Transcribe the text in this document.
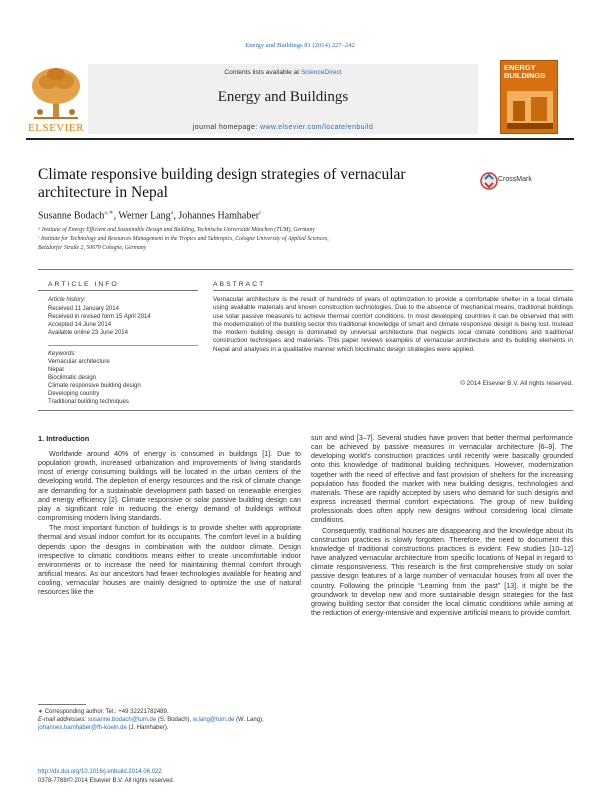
Energy and Buildings 81 (2014) 227–242
ELSEVIER
Contents lists available at ScienceDirect
Energy and Buildings
journal homepage: www.elsevier.com/locate/enbuild
ENERGY
BUILDINGS
Climate responsive building design strategies of vernacular architecture in Nepal
CrossMark
Susanne Bodach$^{a,∗}$, Werner Lang$^a$, Johannes Hamhaber$^c$
ᵃ Institute of Energy Efficient and Sustainable Design and Building, Technische Universität München (TUM), Germany
ᶜ Institute for Technology and Resources Management in the Tropics and Subtropics, Cologne University of Applied Sciences,
Betzdorfer Straße 2, 50679 Cologne, Germany
ARTICLE INFO
Article history:
Received 11 January 2014
Received in revised form 15 April 2014
Accepted 14 June 2014
Available online 23 June 2014
Keywords:
Vernacular architecture
Nepal
Bioclimatic design
Climate responsive building design
Developing country
Traditional building techniques
ABSTRACT
Vernacular architecture is the result of hundreds of years of optimization to provide a comfortable shelter in a local climate using available materials and known construction technologies. Due to the absence of mechanical means, traditional buildings use solar passive measures to achieve thermal comfort conditions. In most developing countries it can be observed that with the modernization of the building sector this traditional knowledge of smart and climate responsive design is being lost. Instead the modern building design is dominated by universal architecture that neglects local climate conditions and traditional construction techniques and materials. This paper reviews examples of vernacular architecture and its building elements in Nepal and analyses in a qualitative manner which bioclimatic design strategies were applied.
© 2014 Elsevier B.V. All rights reserved.
1. Introduction

Worldwide around 40% of energy is consumed in buildings [1]. Due to population growth, increased urbanization and improvements of living standards most of energy consuming buildings will be located in the urban centers of the developing world. The depletion of energy resources and the risk of climate change are demanding for a sustainable development path based on renewable energies and energy efficiency [2]. Climate responsive or solar passive building design can play a significant role in reducing the energy demand of buildings without compromising modern living standards.

The most important function of buildings is to provide shelter with appropriate thermal and visual indoor comfort for its occupants. The comfort level in a building depends upon the designs in combination with the outdoor climate. Design irrespective to climatic conditions means either to create uncomfortable indoor environments or to increase the need for maintaining thermal comfort through artificial means. As our ancestors had fewer technologies available for heating and cooling, vernacular houses are mainly designed to optimize the use of natural resources like the

sun and wind [3–7]. Several studies have proven that better thermal performance can be achieved by passive measures in vernacular architecture [6–9]. The developing world’s construction practices until recently were basically grounded onto this knowledge of traditional building techniques. However, modernization together with the need of effective and fast provision of shelters for the increasing population has flooded the market with new building designs, technologies and materials. These are rapidly accepted by users who demand for such designs and express increased thermal comfort expectations. The group of new building professionals does often apply new designs without considering local climate conditions.

Consequently, traditional houses are disappearing and the knowledge about its construction practices is slowly forgotten. Therefore, the need to document this knowledge of traditional constructions practices is evident. Few studies [10–12] have analyzed vernacular architecture from specific locations of Nepal in regard to climate responsiveness. This research is the first comprehensive study on solar passive design features of a large number of vernacular houses from all over the country. Following the principle “Learning from the past” [13], it might be the groundwork to develop new and more sustainable design strategies for the fast growing building sector that consider the local climatic conditions while aiming at the reduction of energy-intensive and expensive artificial means to provide comfort.

∗ Corresponding author. Tel.: +49 32221782489.
E-mail addresses: susanne.bodach@tum.de (S. Bodach), w.lang@tum.de (W. Lang), johannes.hamhaber@fh-koeln.de (J. Hamhaber).
http://dx.doi.org/10.1016/j.enbuild.2014.06.022
0378-7788/© 2014 Elsevier B.V. All rights reserved.
